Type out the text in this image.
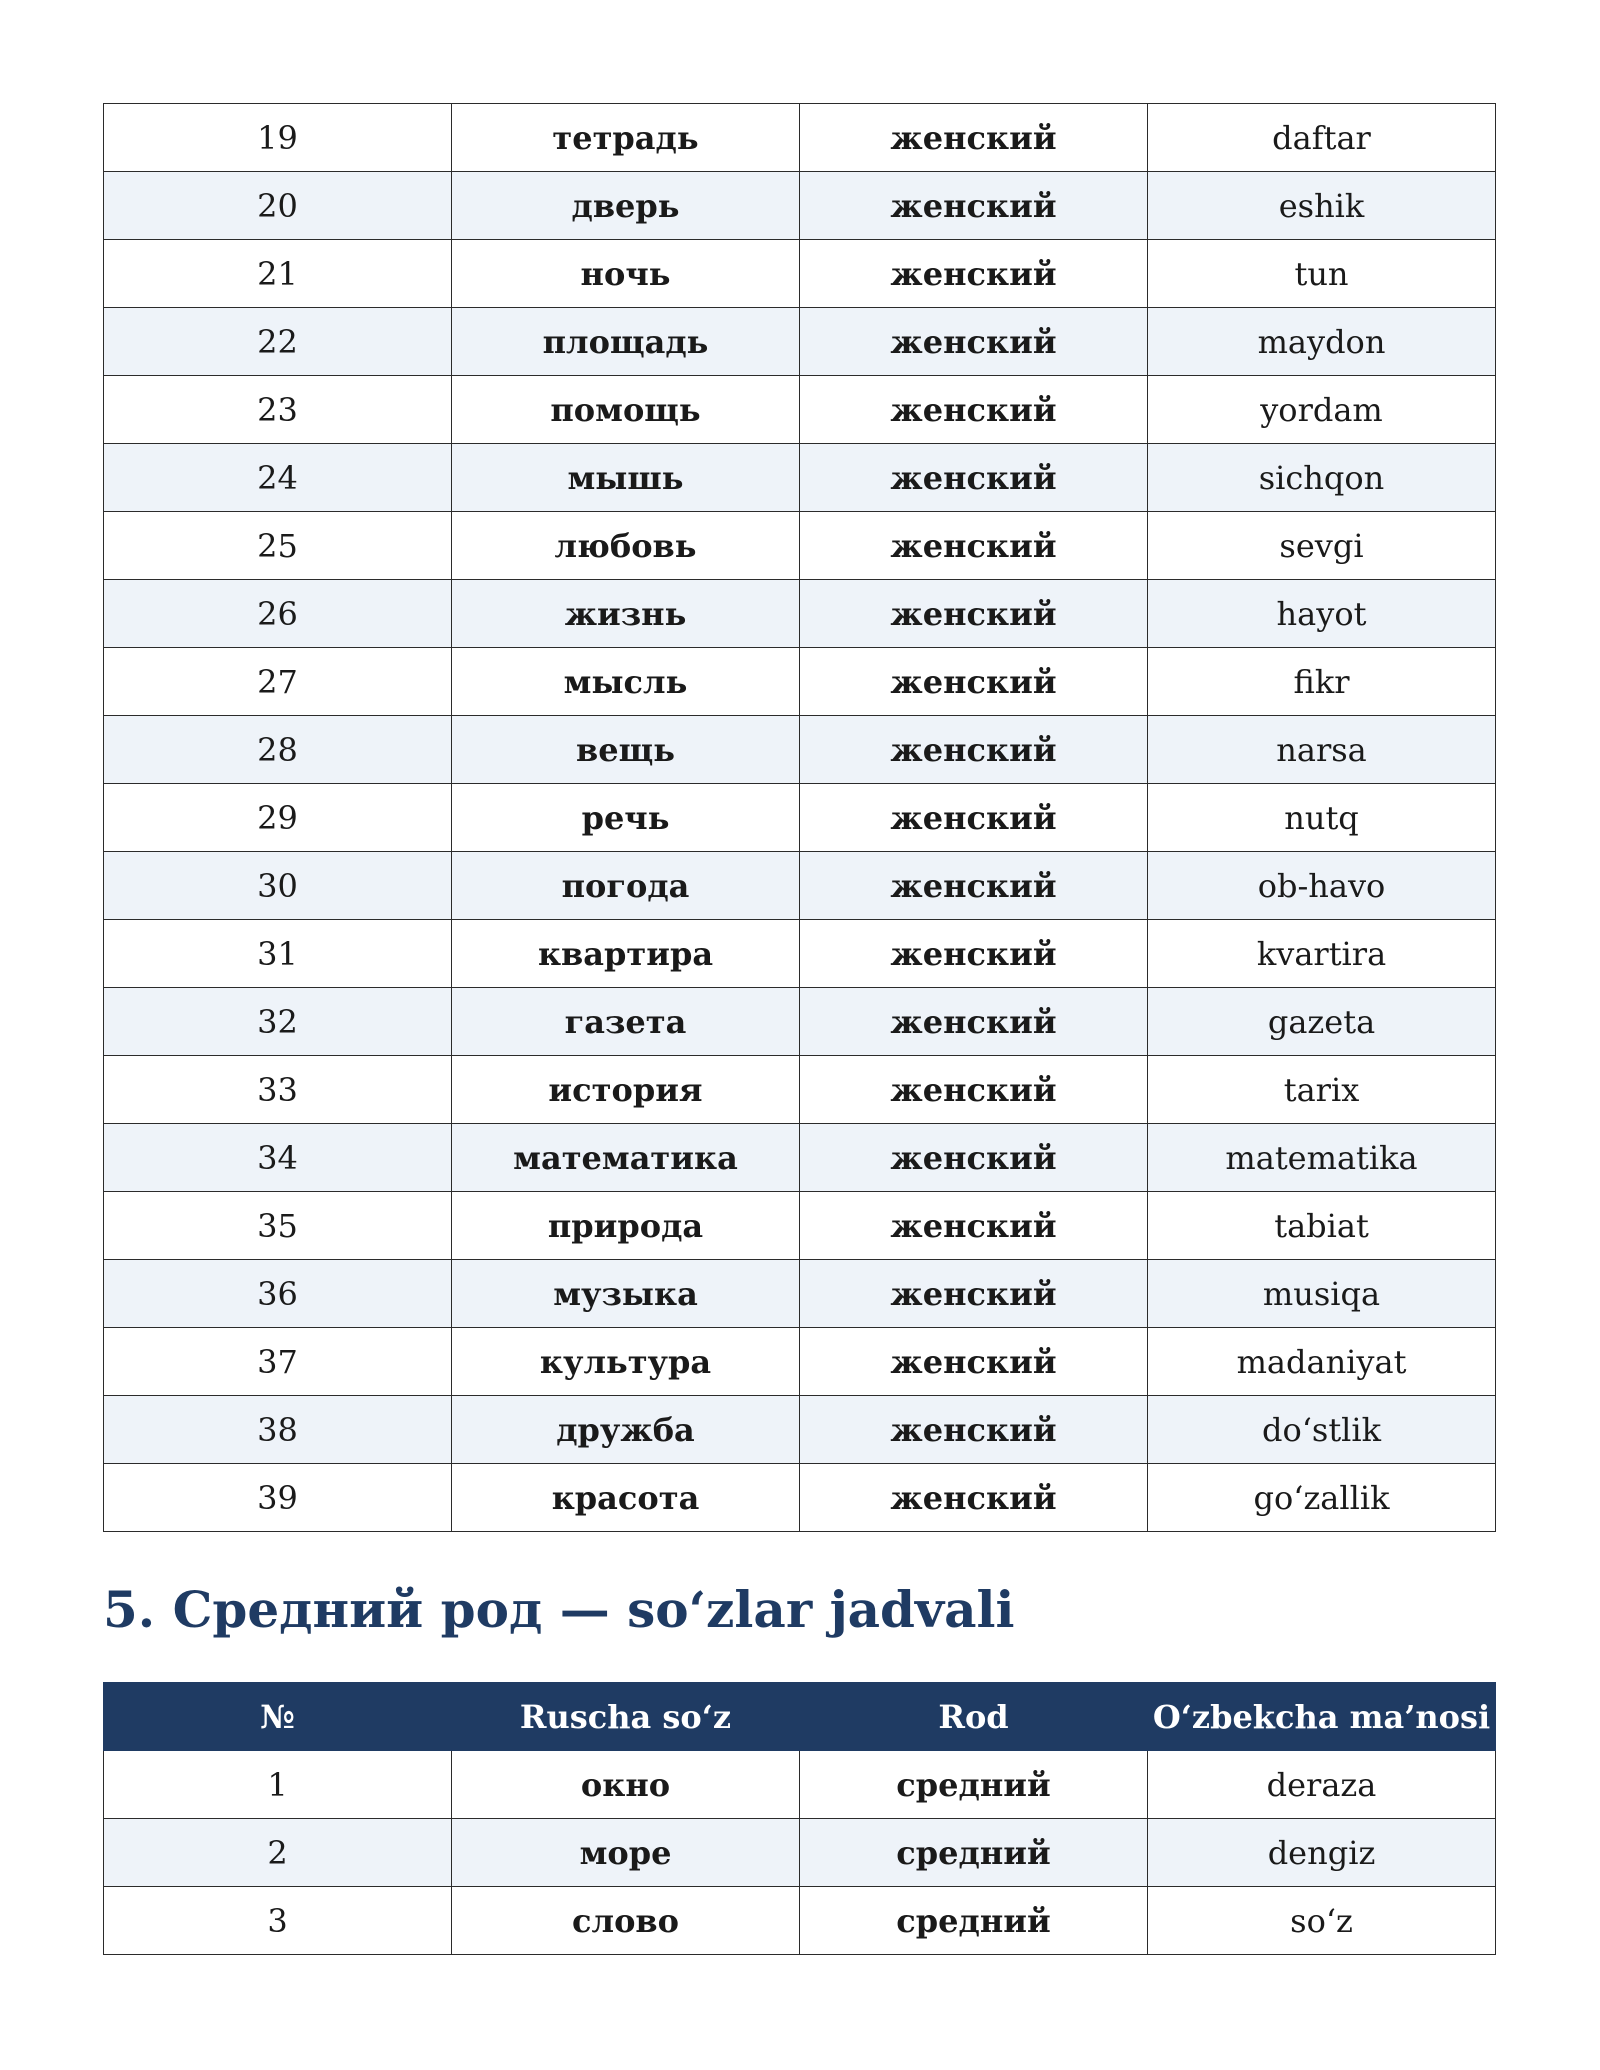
19	тетрадь	женский	daftar
20	дверь	женский	eshik
21	ночь	женский	tun
22	площадь	женский	maydon
23	помощь	женский	yordam
24	мышь	женский	sichqon
25	любовь	женский	sevgi
26	жизнь	женский	hayot
27	мысль	женский	fikr
28	вещь	женский	narsa
29	речь	женский	nutq
30	погода	женский	ob-havo
31	квартира	женский	kvartira
32	газета	женский	gazeta
33	история	женский	tarix
34	математика	женский	matematika
35	природа	женский	tabiat
36	музыка	женский	musiqa
37	культура	женский	madaniyat
38	дружба	женский	do‘stlik
39	красота	женский	go‘zallik
5. Средний род — so‘zlar jadvali
№	Ruscha so‘z	Rod	O‘zbekcha ma’nosi
1	окно	средний	deraza
2	море	средний	dengiz
3	слово	средний	so‘z
